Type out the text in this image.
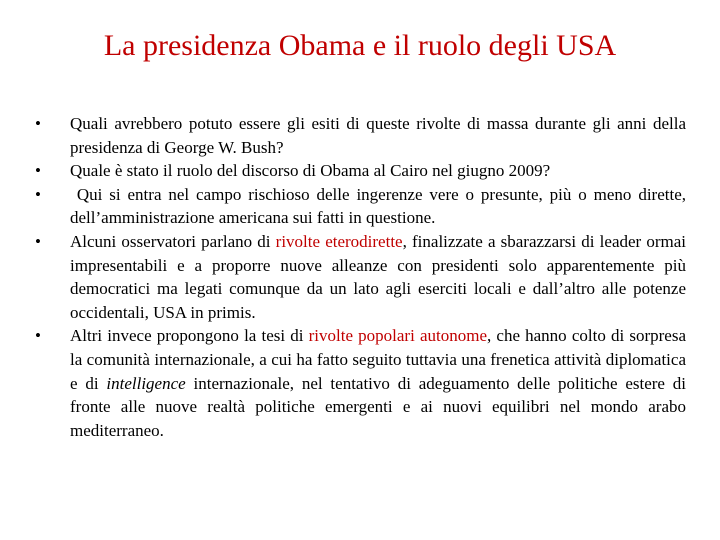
La presidenza Obama e il ruolo degli USA
• Quali avrebbero potuto essere gli esiti di queste rivolte di massa durante gli anni della presidenza di George W. Bush?
• Quale è stato il ruolo del discorso di Obama al Cairo nel giugno 2009?
• Qui si entra nel campo rischioso delle ingerenze vere o presunte, più o meno dirette, dell’amministrazione americana sui fatti in questione.
• Alcuni osservatori parlano di rivolte eterodirette, finalizzate a sbarazzarsi di leader ormai impresentabili e a proporre nuove alleanze con presidenti solo apparentemente più democratici ma legati comunque da un lato agli eserciti locali e dall’altro alle potenze occidentali, USA in primis.
• Altri invece propongono la tesi di rivolte popolari autonome, che hanno colto di sorpresa la comunità internazionale, a cui ha fatto seguito tuttavia una frenetica attività diplomatica e di intelligence internazionale, nel tentativo di adeguamento delle politiche estere di fronte alle nuove realtà politiche emergenti e ai nuovi equilibri nel mondo arabo mediterraneo.
